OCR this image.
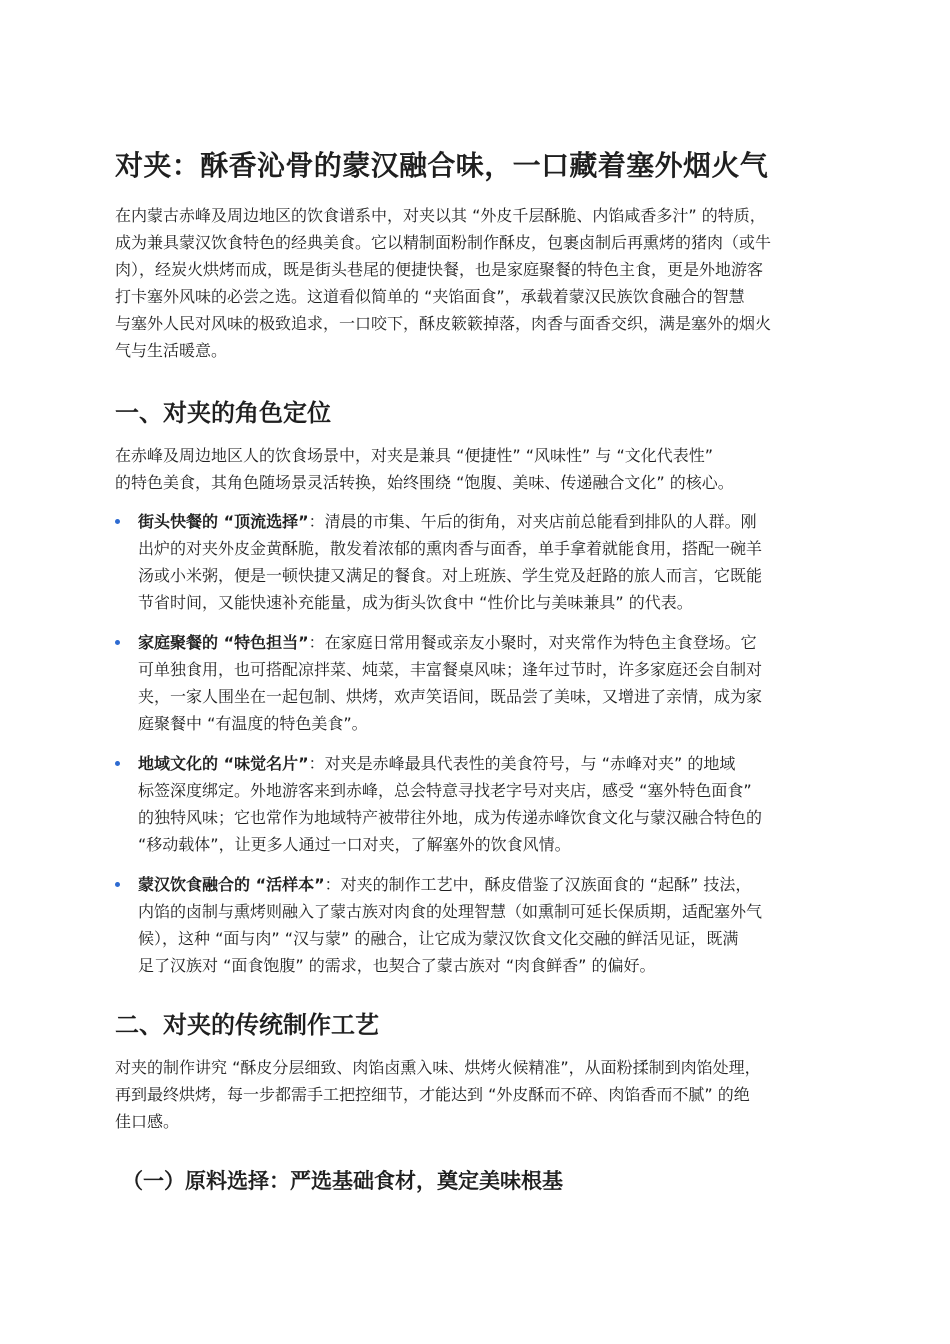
对夹：酥香沁骨的蒙汉融合味，一口藏着塞外烟火气
在内蒙古赤峰及周边地区的饮食谱系中，对夹以其 “外皮千层酥脆、内馅咸香多汁” 的特质，
成为兼具蒙汉饮食特色的经典美食。它以精制面粉制作酥皮，包裹卤制后再熏烤的猪肉（或牛
肉），经炭火烘烤而成，既是街头巷尾的便捷快餐，也是家庭聚餐的特色主食，更是外地游客
打卡塞外风味的必尝之选。这道看似简单的 “夹馅面食”，承载着蒙汉民族饮食融合的智慧
与塞外人民对风味的极致追求，一口咬下，酥皮簌簌掉落，肉香与面香交织，满是塞外的烟火
气与生活暖意。
一、对夹的角色定位
在赤峰及周边地区人的饮食场景中，对夹是兼具 “便捷性” “风味性” 与 “文化代表性”
的特色美食，其角色随场景灵活转换，始终围绕 “饱腹、美味、传递融合文化” 的核心。
街头快餐的 “顶流选择”：清晨的市集、午后的街角，对夹店前总能看到排队的人群。刚
出炉的对夹外皮金黄酥脆，散发着浓郁的熏肉香与面香，单手拿着就能食用，搭配一碗羊
汤或小米粥，便是一顿快捷又满足的餐食。对上班族、学生党及赶路的旅人而言，它既能
节省时间，又能快速补充能量，成为街头饮食中 “性价比与美味兼具” 的代表。
家庭聚餐的 “特色担当”：在家庭日常用餐或亲友小聚时，对夹常作为特色主食登场。它
可单独食用，也可搭配凉拌菜、炖菜，丰富餐桌风味；逢年过节时，许多家庭还会自制对
夹，一家人围坐在一起包制、烘烤，欢声笑语间，既品尝了美味，又增进了亲情，成为家
庭聚餐中 “有温度的特色美食”。
地域文化的 “味觉名片”：对夹是赤峰最具代表性的美食符号，与 “赤峰对夹” 的地域
标签深度绑定。外地游客来到赤峰，总会特意寻找老字号对夹店，感受 “塞外特色面食”
的独特风味；它也常作为地域特产被带往外地，成为传递赤峰饮食文化与蒙汉融合特色的
“移动载体”，让更多人通过一口对夹，了解塞外的饮食风情。
蒙汉饮食融合的 “活样本”：对夹的制作工艺中，酥皮借鉴了汉族面食的 “起酥” 技法，
内馅的卤制与熏烤则融入了蒙古族对肉食的处理智慧（如熏制可延长保质期，适配塞外气
候），这种 “面与肉” “汉与蒙” 的融合，让它成为蒙汉饮食文化交融的鲜活见证，既满
足了汉族对 “面食饱腹” 的需求，也契合了蒙古族对 “肉食鲜香” 的偏好。
二、对夹的传统制作工艺
对夹的制作讲究 “酥皮分层细致、肉馅卤熏入味、烘烤火候精准”，从面粉揉制到肉馅处理，
再到最终烘烤，每一步都需手工把控细节，才能达到 “外皮酥而不碎、肉馅香而不腻” 的绝
佳口感。
（一）原料选择：严选基础食材，奠定美味根基
